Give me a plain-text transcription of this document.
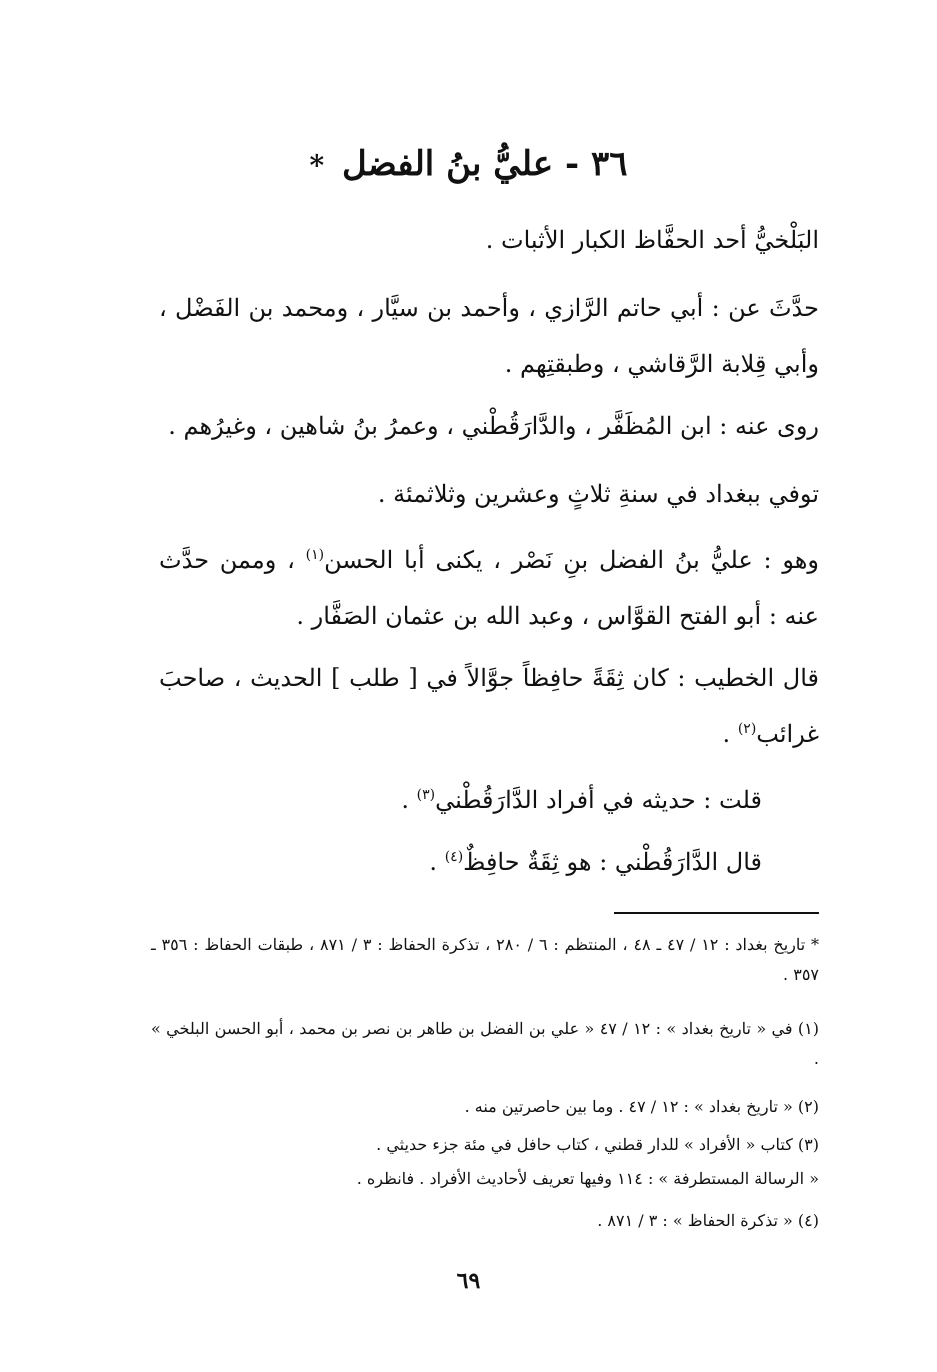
٣٦ - عليُّ بنُ الفضل *
البَلْخيُّ أحد الحفَّاظ الكبار الأثبات .
حدَّثَ عن : أبي حاتم الرَّازي ، وأحمد بن سيَّار ، ومحمد بن الفَضْل ، وأبي قِلابة الرَّقاشي ، وطبقتِهم .
روى عنه : ابن المُظَفَّر ، والدَّارَقُطْني ، وعمرُ بنُ شاهين ، وغيرُهم .
توفي ببغداد في سنةِ ثلاثٍ وعشرين وثلاثمئة .
وهو : عليُّ بنُ الفضل بنِ نَصْر ، يكنى أبا الحسن$^{(١)}$ ، وممن حدَّث عنه : أبو الفتح القوَّاس ، وعبد الله بن عثمان الصَفَّار .
قال الخطيب : كان ثِقَةً حافِظاً جوَّالاً في [ طلب ] الحديث ، صاحبَ غرائب$^{(٢)}$ .
قلت : حديثه في أفراد الدَّارَقُطْني$^{(٣)}$ .
قال الدَّارَقُطْني : هو ثِقَةٌ حافِظٌ$^{(٤)}$ .
* تاريخ بغداد : ١٢ / ٤٧ ـ ٤٨ ، المنتظم : ٦ / ٢٨٠ ، تذكرة الحفاظ : ٣ / ٨٧١ ، طبقات الحفاظ : ٣٥٦ ـ ٣٥٧ .
(١) في « تاريخ بغداد » : ١٢ / ٤٧ « علي بن الفضل بن طاهر بن نصر بن محمد ، أبو الحسن البلخي » .
(٢) « تاريخ بغداد » : ١٢ / ٤٧ . وما بين حاصرتين منه .
(٣) كتاب « الأفراد » للدار قطني ، كتاب حافل في مئة جزء حديثي .
« الرسالة المستطرفة » : ١١٤ وفيها تعريف لأحاديث الأفراد . فانظره .
(٤) « تذكرة الحفاظ » : ٣ / ٨٧١ .
٦٩
